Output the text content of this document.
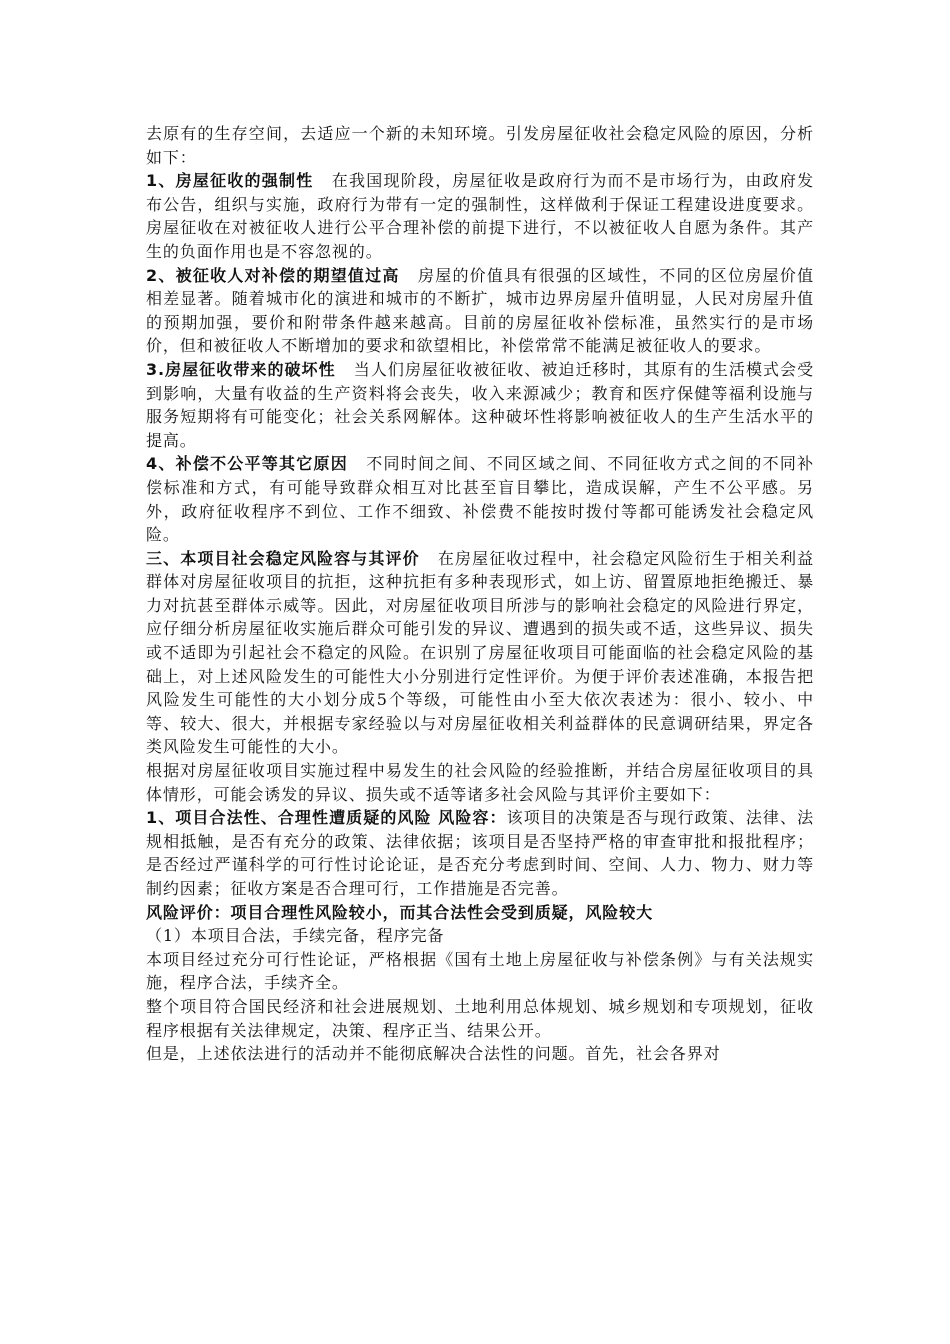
去原有的生存空间，去适应一个新的未知环境。引发房屋征收社会稳定风险的原因，分析如下：

1、房屋征收的强制性 在我国现阶段，房屋征收是政府行为而不是市场行为，由政府发布公告，组织与实施，政府行为带有一定的强制性，这样做利于保证工程建设进度要求。房屋征收在对被征收人进行公平合理补偿的前提下进行，不以被征收人自愿为条件。其产生的负面作用也是不容忽视的。

2、被征收人对补偿的期望值过高 房屋的价值具有很强的区域性，不同的区位房屋价值相差显著。随着城市化的演进和城市的不断扩，城市边界房屋升值明显，人民对房屋升值的预期加强，要价和附带条件越来越高。目前的房屋征收补偿标准，虽然实行的是市场价，但和被征收人不断增加的要求和欲望相比，补偿常常不能满足被征收人的要求。

3.房屋征收带来的破坏性 当人们房屋征收被征收、被迫迁移时，其原有的生活模式会受到影响，大量有收益的生产资料将会丧失，收入来源减少；教育和医疗保健等福利设施与服务短期将有可能变化；社会关系网解体。这种破坏性将影响被征收人的生产生活水平的提高。

4、补偿不公平等其它原因 不同时间之间、不同区域之间、不同征收方式之间的不同补偿标准和方式，有可能导致群众相互对比甚至盲目攀比，造成误解，产生不公平感。另外，政府征收程序不到位、工作不细致、补偿费不能按时拨付等都可能诱发社会稳定风险。

三、本项目社会稳定风险容与其评价 在房屋征收过程中，社会稳定风险衍生于相关利益群体对房屋征收项目的抗拒，这种抗拒有多种表现形式，如上访、留置原地拒绝搬迁、暴力对抗甚至群体示威等。因此，对房屋征收项目所涉与的影响社会稳定的风险进行界定，应仔细分析房屋征收实施后群众可能引发的异议、遭遇到的损失或不适，这些异议、损失或不适即为引起社会不稳定的风险。在识别了房屋征收项目可能面临的社会稳定风险的基础上，对上述风险发生的可能性大小分别进行定性评价。为便于评价表述准确，本报告把风险发生可能性的大小划分成5个等级，可能性由小至大依次表述为：很小、较小、中等、较大、很大，并根据专家经验以与对房屋征收相关利益群体的民意调研结果，界定各类风险发生可能性的大小。

根据对房屋征收项目实施过程中易发生的社会风险的经验推断，并结合房屋征收项目的具体情形，可能会诱发的异议、损失或不适等诸多社会风险与其评价主要如下：

1、项目合法性、合理性遭质疑的风险 风险容：该项目的决策是否与现行政策、法律、法规相抵触，是否有充分的政策、法律依据；该项目是否坚持严格的审查审批和报批程序；是否经过严谨科学的可行性讨论论证，是否充分考虑到时间、空间、人力、物力、财力等制约因素；征收方案是否合理可行，工作措施是否完善。

风险评价：项目合理性风险较小，而其合法性会受到质疑，风险较大

（1）本项目合法，手续完备，程序完备

本项目经过充分可行性论证，严格根据《国有土地上房屋征收与补偿条例》与有关法规实施，程序合法，手续齐全。

整个项目符合国民经济和社会进展规划、土地利用总体规划、城乡规划和专项规划，征收程序根据有关法律规定，决策、程序正当、结果公开。

但是，上述依法进行的活动并不能彻底解决合法性的问题。首先，社会各界对
